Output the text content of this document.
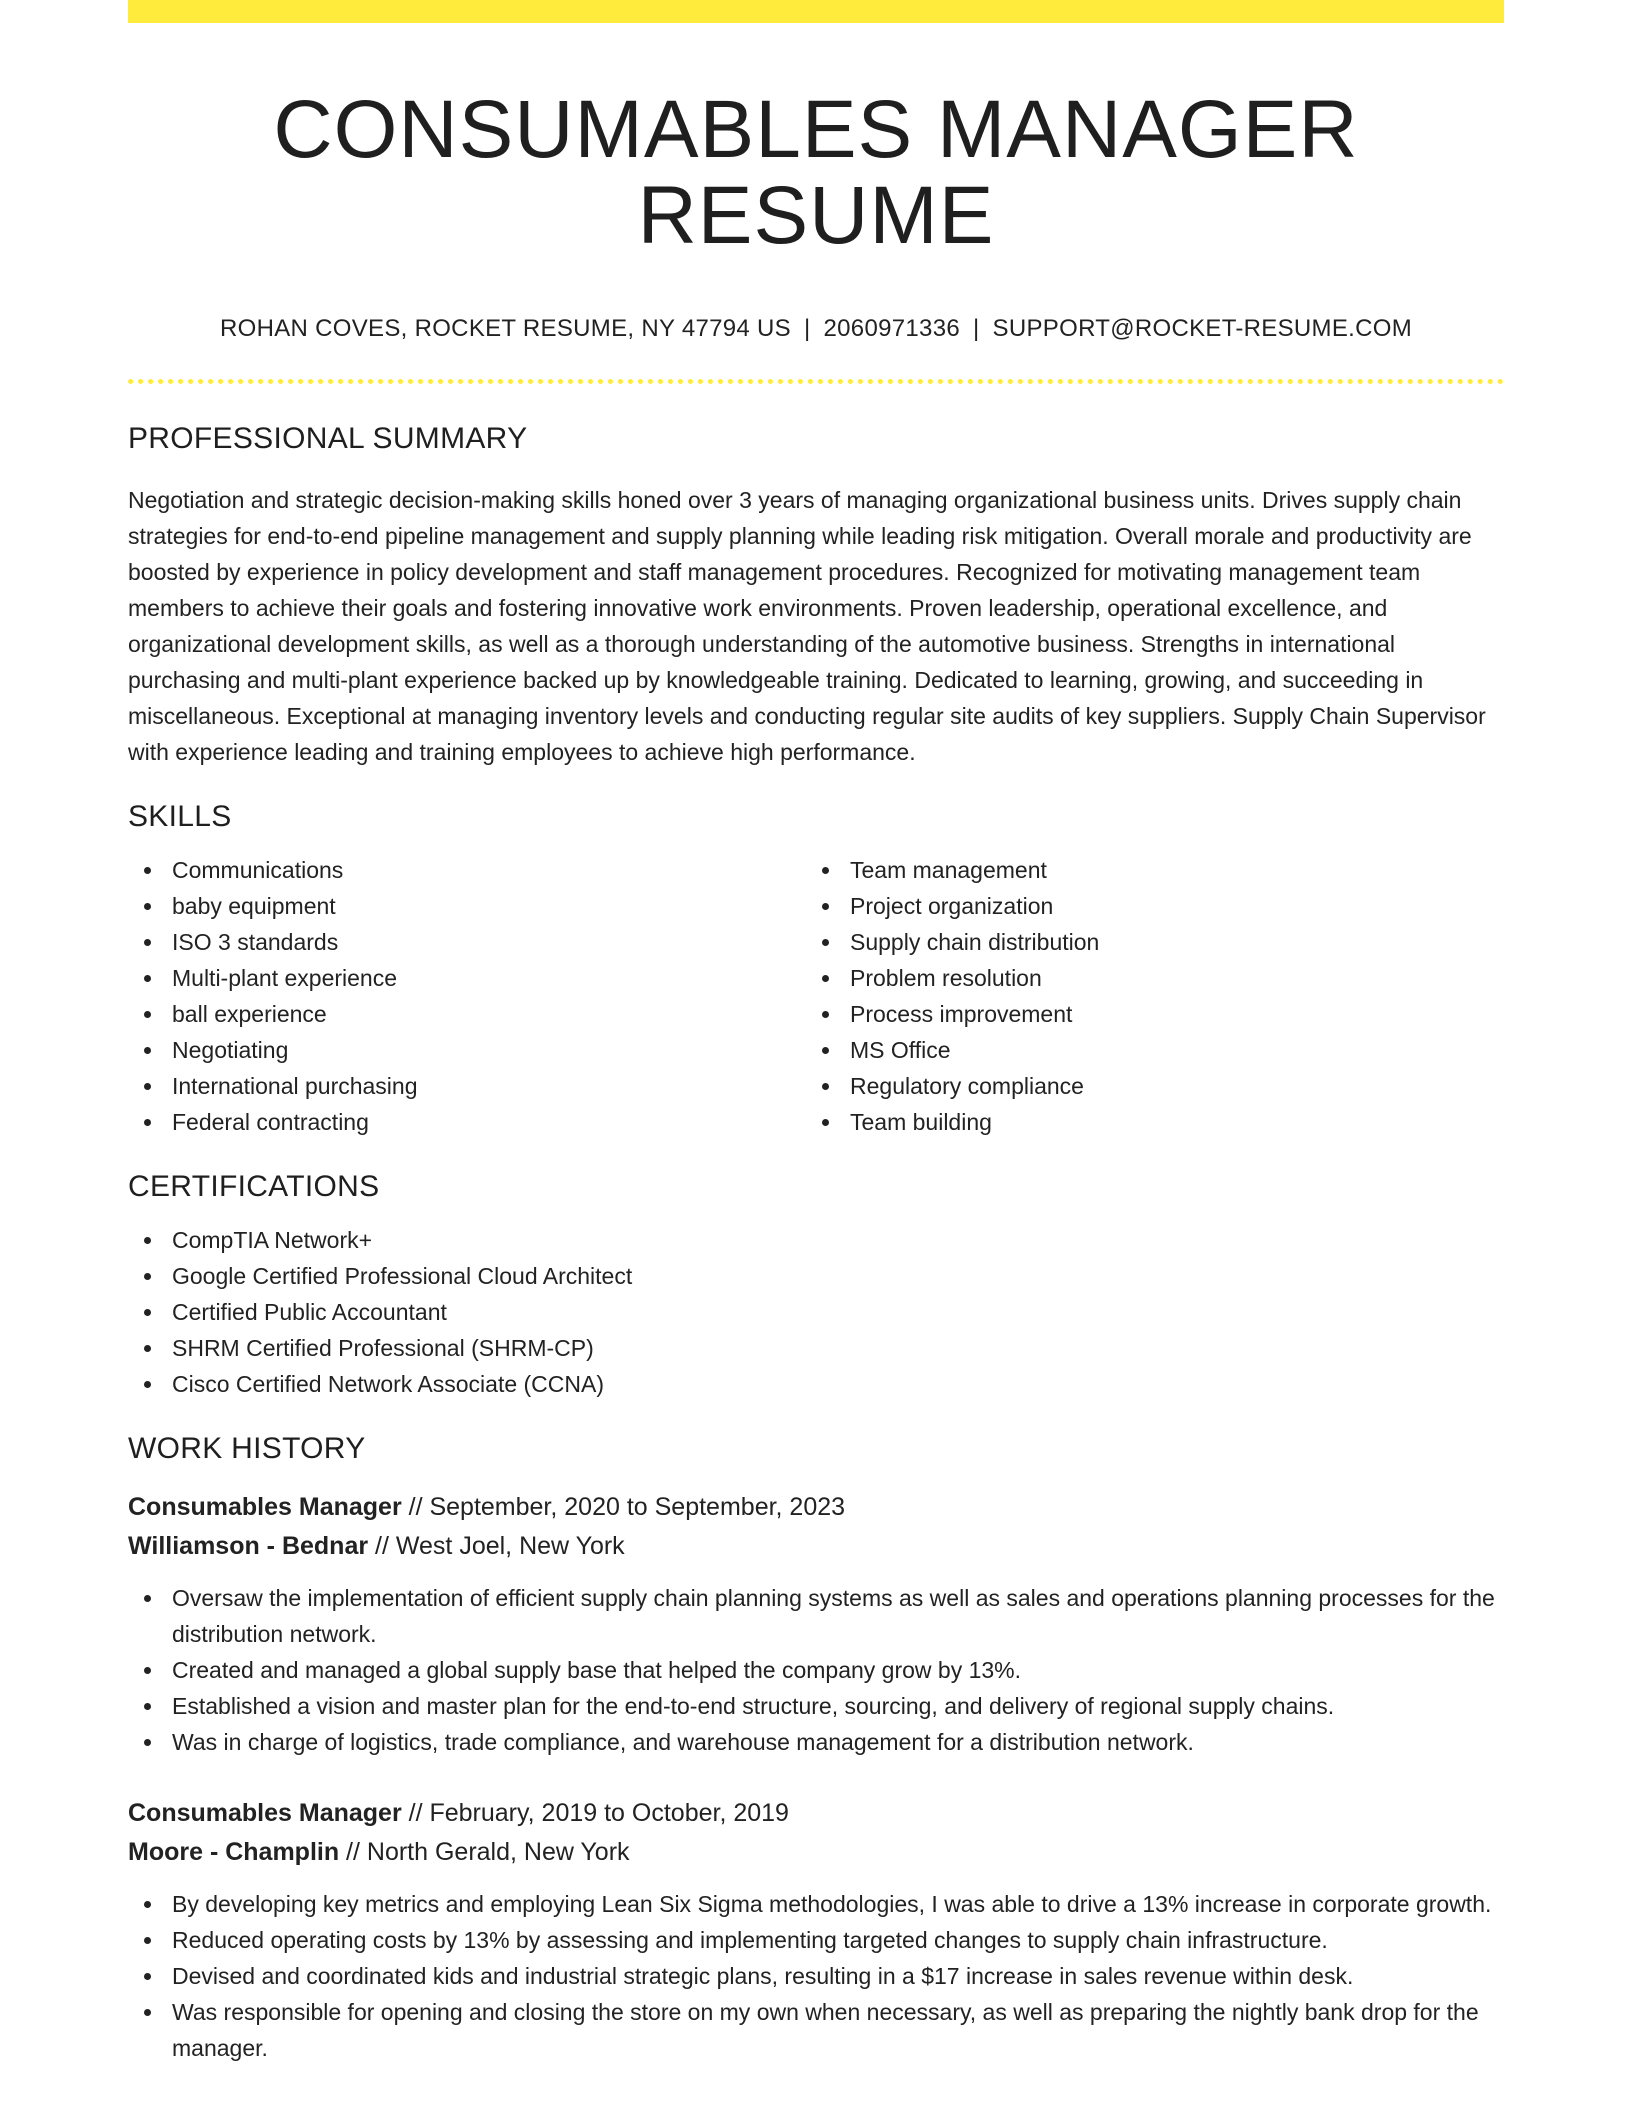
CONSUMABLES MANAGER RESUME
ROHAN COVES, ROCKET RESUME, NY 47794 US | 2060971336 | SUPPORT@ROCKET-RESUME.COM
PROFESSIONAL SUMMARY

Negotiation and strategic decision-making skills honed over 3 years of managing organizational business units. Drives supply chain strategies for end-to-end pipeline management and supply planning while leading risk mitigation. Overall morale and productivity are boosted by experience in policy development and staff management procedures. Recognized for motivating management team members to achieve their goals and fostering innovative work environments. Proven leadership, operational excellence, and organizational development skills, as well as a thorough understanding of the automotive business. Strengths in international purchasing and multi-plant experience backed up by knowledgeable training. Dedicated to learning, growing, and succeeding in miscellaneous. Exceptional at managing inventory levels and conducting regular site audits of key suppliers. Supply Chain Supervisor with experience leading and training employees to achieve high performance.

SKILLS
Communications
baby equipment
ISO 3 standards
Multi-plant experience
ball experience
Negotiating
International purchasing
Federal contracting
Team management
Project organization
Supply chain distribution
Problem resolution
Process improvement
MS Office
Regulatory compliance
Team building
CERTIFICATIONS
CompTIA Network+
Google Certified Professional Cloud Architect
Certified Public Accountant
SHRM Certified Professional (SHRM-CP)
Cisco Certified Network Associate (CCNA)
WORK HISTORY
Consumables Manager // September, 2020 to September, 2023
Williamson - Bednar // West Joel, New York
Oversaw the implementation of efficient supply chain planning systems as well as sales and operations planning processes for the distribution network.
Created and managed a global supply base that helped the company grow by 13%.
Established a vision and master plan for the end-to-end structure, sourcing, and delivery of regional supply chains.
Was in charge of logistics, trade compliance, and warehouse management for a distribution network.
Consumables Manager // February, 2019 to October, 2019
Moore - Champlin // North Gerald, New York
By developing key metrics and employing Lean Six Sigma methodologies, I was able to drive a 13% increase in corporate growth.
Reduced operating costs by 13% by assessing and implementing targeted changes to supply chain infrastructure.
Devised and coordinated kids and industrial strategic plans, resulting in a $17 increase in sales revenue within desk.
Was responsible for opening and closing the store on my own when necessary, as well as preparing the nightly bank drop for the manager.
